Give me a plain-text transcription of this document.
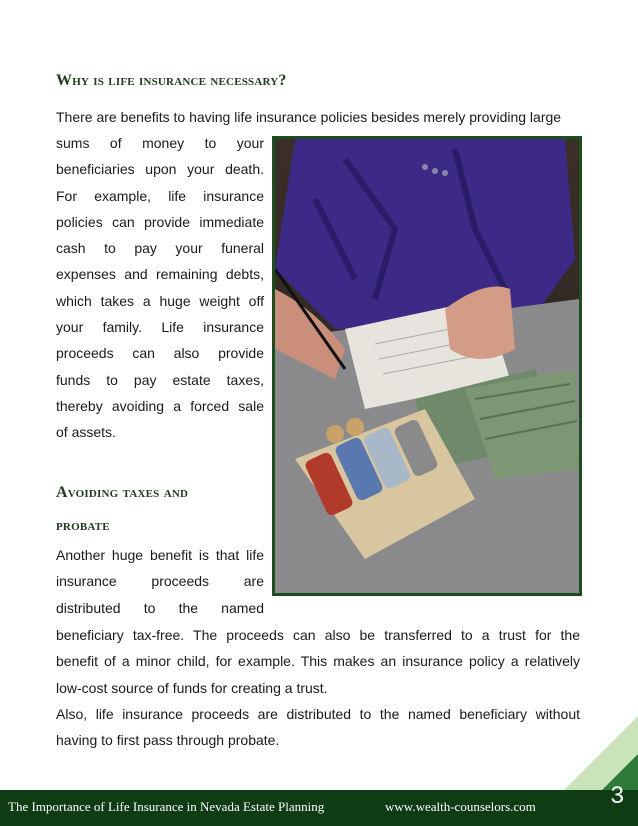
Why is life insurance necessary?
There are benefits to having life insurance policies besides merely providing large
sums of money to your
beneficiaries upon your death.
For example, life insurance
policies can provide immediate
cash to pay your funeral
expenses and remaining debts,
which takes a huge weight off
your family. Life insurance
proceeds can also provide
funds to pay estate taxes,
thereby avoiding a forced sale
of assets.
Avoiding taxes and
probate
Another huge benefit is that life
insurance proceeds are
distributed to the named
beneficiary tax-free. The proceeds can also be transferred to a trust for the
benefit of a minor child, for example. This makes an insurance policy a relatively
low-cost source of funds for creating a trust.
Also, life insurance proceeds are distributed to the named beneficiary without
having to first pass through probate.
The Importance of Life Insurance in Nevada Estate Planning	www.wealth-counselors.com	3
